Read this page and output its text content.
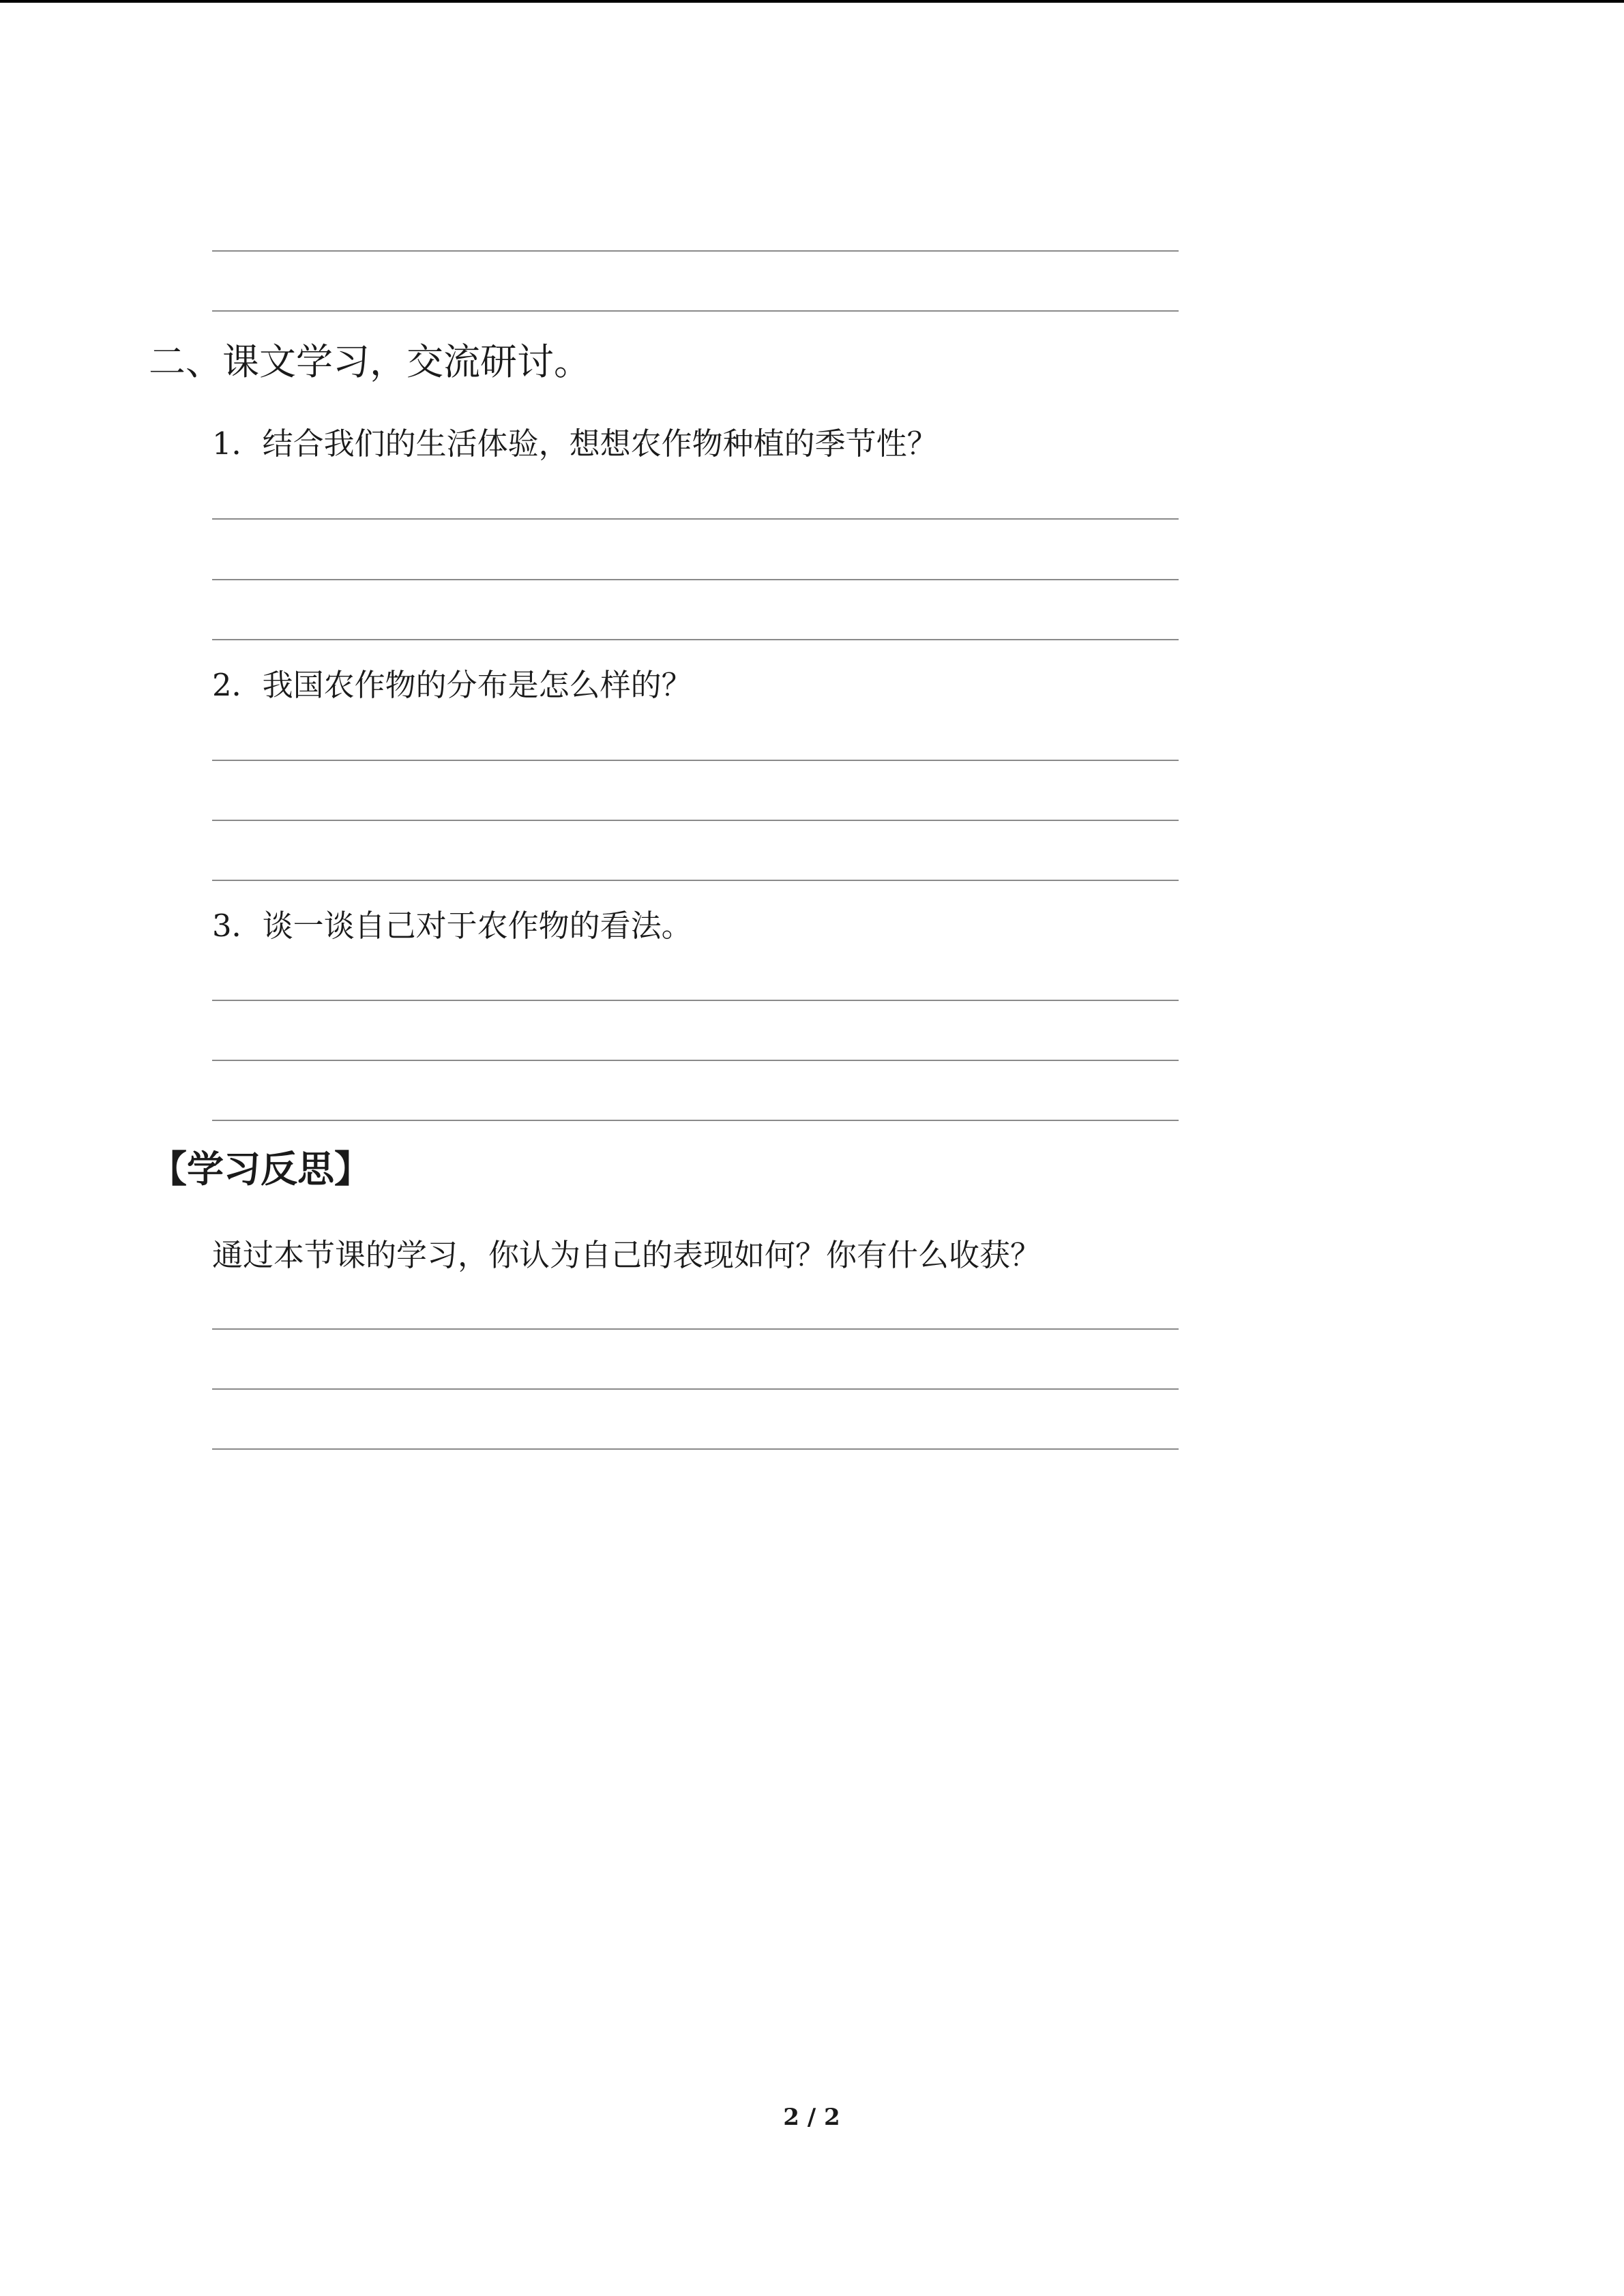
二、课文学习，交流研讨。
1．结合我们的生活体验，想想农作物种植的季节性？
2．我国农作物的分布是怎么样的？
3．谈一谈自己对于农作物的看法。
【学习反思】
通过本节课的学习，你认为自己的表现如何？你有什么收获？
2 / 2
